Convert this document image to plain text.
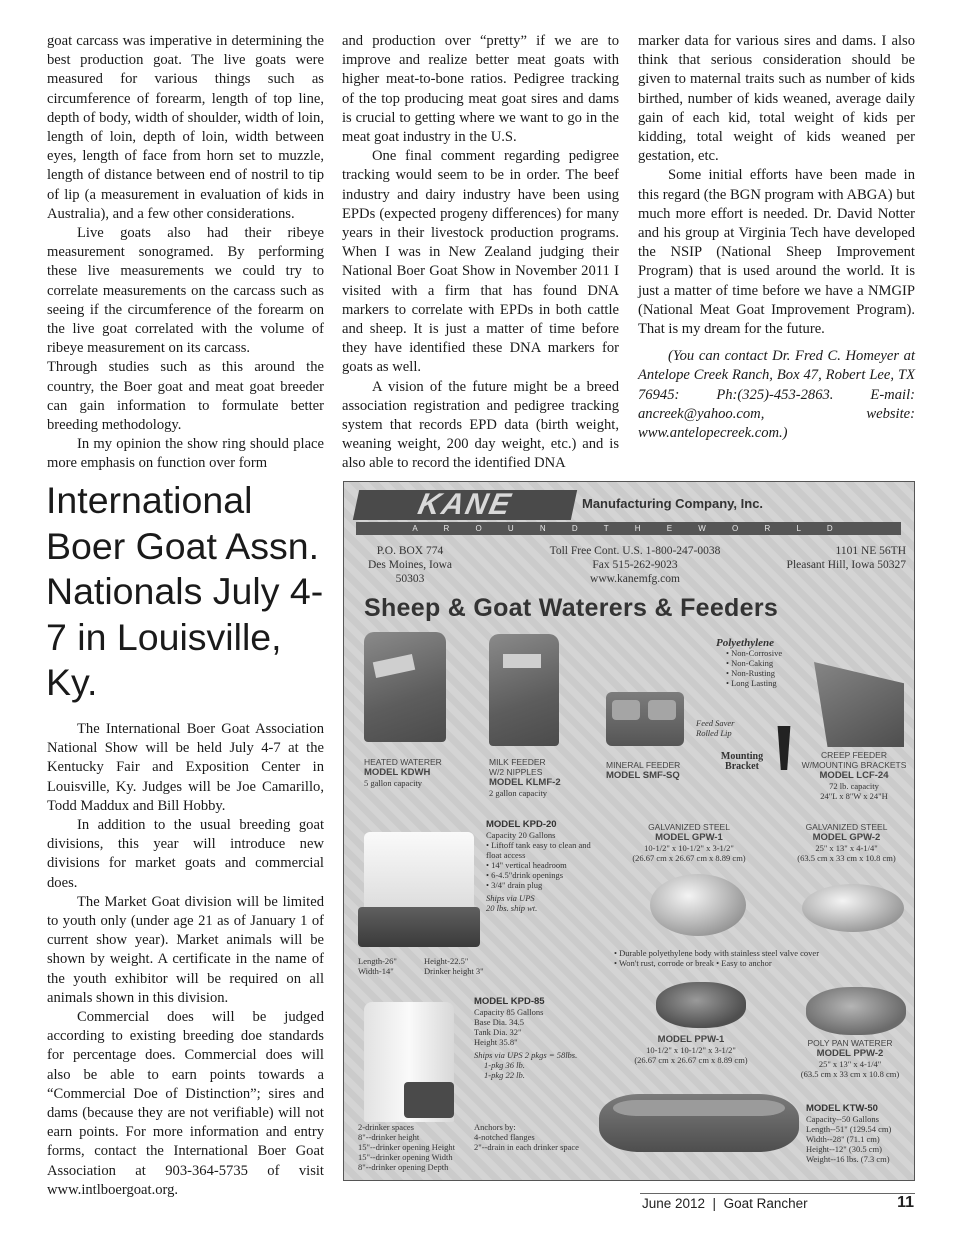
goat carcass was imperative in determining the best production goat. The live goats were measured for various things such as circumference of forearm, length of top line, depth of body, width of shoulder, width of loin, length of loin, depth of loin, width between eyes, length of face from horn set to muzzle, length of distance between end of nostril to tip of lip (a measurement in evaluation of kids in Australia), and a few other considerations.

Live goats also had their ribeye measurement sonogramed. By performing these live measurements we could try to correlate measurements on the carcass such as seeing if the circumference of the forearm on the live goat correlated with the volume of ribeye measurement on its carcass.

Through studies such as this around the country, the Boer goat and meat goat breeder can gain information to formulate better breeding methodology.

In my opinion the show ring should place more emphasis on function over form

and production over “pretty” if we are to improve and realize better meat goats with higher meat-to-bone ratios. Pedigree tracking of the top producing meat goat sires and dams is crucial to getting where we want to go in the meat goat industry in the U.S.

One final comment regarding pedigree tracking would seem to be in order. The beef industry and dairy industry have been using EPDs (expected progeny differences) for many years in their livestock production programs. When I was in New Zealand judging their National Boer Goat Show in November 2011 I visited with a firm that has found DNA markers to correlate with EPDs in both cattle and sheep. It is just a matter of time before they have identified these DNA markers for goats as well.

A vision of the future might be a breed association registration and pedigree tracking system that records EPD data (birth weight, weaning weight, 200 day weight, etc.) and is also able to record the identified DNA

marker data for various sires and dams. I also think that serious consideration should be given to maternal traits such as number of kids birthed, number of kids weaned, average daily gain of each kid, total weight of kids per kidding, total weight of kids weaned per gestation, etc.

Some initial efforts have been made in this regard (the BGN program with ABGA) but much more effort is needed. Dr. David Notter and his group at Virginia Tech have developed the NSIP (National Sheep Improvement Program) that is used around the world. It is just a matter of time before we have a NMGIP (National Meat Goat Improvement Program). That is my dream for the future.

(You can contact Dr. Fred C. Homeyer at Antelope Creek Ranch, Box 47, Robert Lee, TX 76945: Ph:(325)-453-2863. E-mail: ancreek@yahoo.com, website: www.antelopecreek.com.)

International Boer Goat Assn. Nationals July 4-7 in Louisville, Ky.

The International Boer Goat Association National Show will be held July 4-7 at the Kentucky Fair and Exposition Center in Louisville, Ky. Judges will be Joe Camarillo, Todd Maddux and Bill Hobby.

In addition to the usual breeding goat divisions, this year will introduce new divisions for market goats and commercial does.

The Market Goat division will be limited to youth only (under age 21 as of January 1 of current show year). Market animals will be shown by weight. A certificate in the name of the youth exhibitor will be required on all animals shown in this division.

Commercial does will be judged according to existing breeding doe standards for percentage does. Commercial does will also be able to earn points towards a “Commercial Doe of Distinction”; sires and dams (because they are not verifiable) will not earn points. For more information and entry forms, contact the International Boer Goat Association at 903-364-5735 of visit www.intlboergoat.org.

KANE	Manufacturing Company, Inc.
A R O U N D T H E W O R L D
P.O. BOX 774
Des Moines, Iowa 50303
Toll Free Cont. U.S. 1-800-247-0038
Fax 515-262-9023
www.kanemfg.com
1101 NE 56TH
Pleasant Hill, Iowa 50327
Sheep & Goat Waterers & Feeders
Polyethylene
• Non-Corrosive
• Non-Caking
• Non-Rusting
• Long Lasting
Feed Saver Rolled Lip
Mounting Bracket
HEATED WATERER
MODEL KDWH
5 gallon capacity
MILK FEEDER
W/2 NIPPLES
MODEL KLMF-2
2 gallon capacity
MINERAL FEEDER
MODEL SMF-SQ
CREEP FEEDER
W/MOUNTING BRACKETS
MODEL LCF-24
72 lb. capacity
24"L x 8"W x 24"H
MODEL KPD-20
Capacity 20 Gallons
• Liftoff tank easy to clean and float access
• 14" vertical headroom
• 6-4.5"drink openings
• 3/4" drain plug
Ships via UPS
20 lbs. ship wt.
Length-26"
Width-14"
Height-22.5"
Drinker height 3"
GALVANIZED STEEL
MODEL GPW-1
10-1/2" x 10-1/2" x 3-1/2"
(26.67 cm x 26.67 cm x 8.89 cm)
GALVANIZED STEEL
MODEL GPW-2
25" x 13" x 4-1/4"
(63.5 cm x 33 cm x 10.8 cm)
• Durable polyethylene body with stainless steel valve cover
• Won't rust, corrode or break • Easy to anchor
MODEL KPD-85
Capacity 85 Gallons
Base Dia. 34.5
Tank Dia. 32"
Height 35.8"
Ships via UPS 2 pkgs = 58lbs.
1-pkg 36 lb.
1-pkg 22 lb.
MODEL PPW-1
10-1/2" x 10-1/2" x 3-1/2"
(26.67 cm x 26.67 cm x 8.89 cm)
POLY PAN WATERER
MODEL PPW-2
25" x 13" x 4-1/4"
(63.5 cm x 33 cm x 10.8 cm)
MODEL KTW-50
Capacity--50 Gallons
Length--51" (129.54 cm)
Width--28" (71.1 cm)
Height--12" (30.5 cm)
Weight--16 lbs. (7.3 cm)
2-drinker spaces
8"--drinker height
15"--drinker opening Height
15"--drinker opening Width
8"--drinker opening Depth
Anchors by:
4-notched flanges
2"--drain in each drinker space
June 2012  |  Goat Rancher	11
